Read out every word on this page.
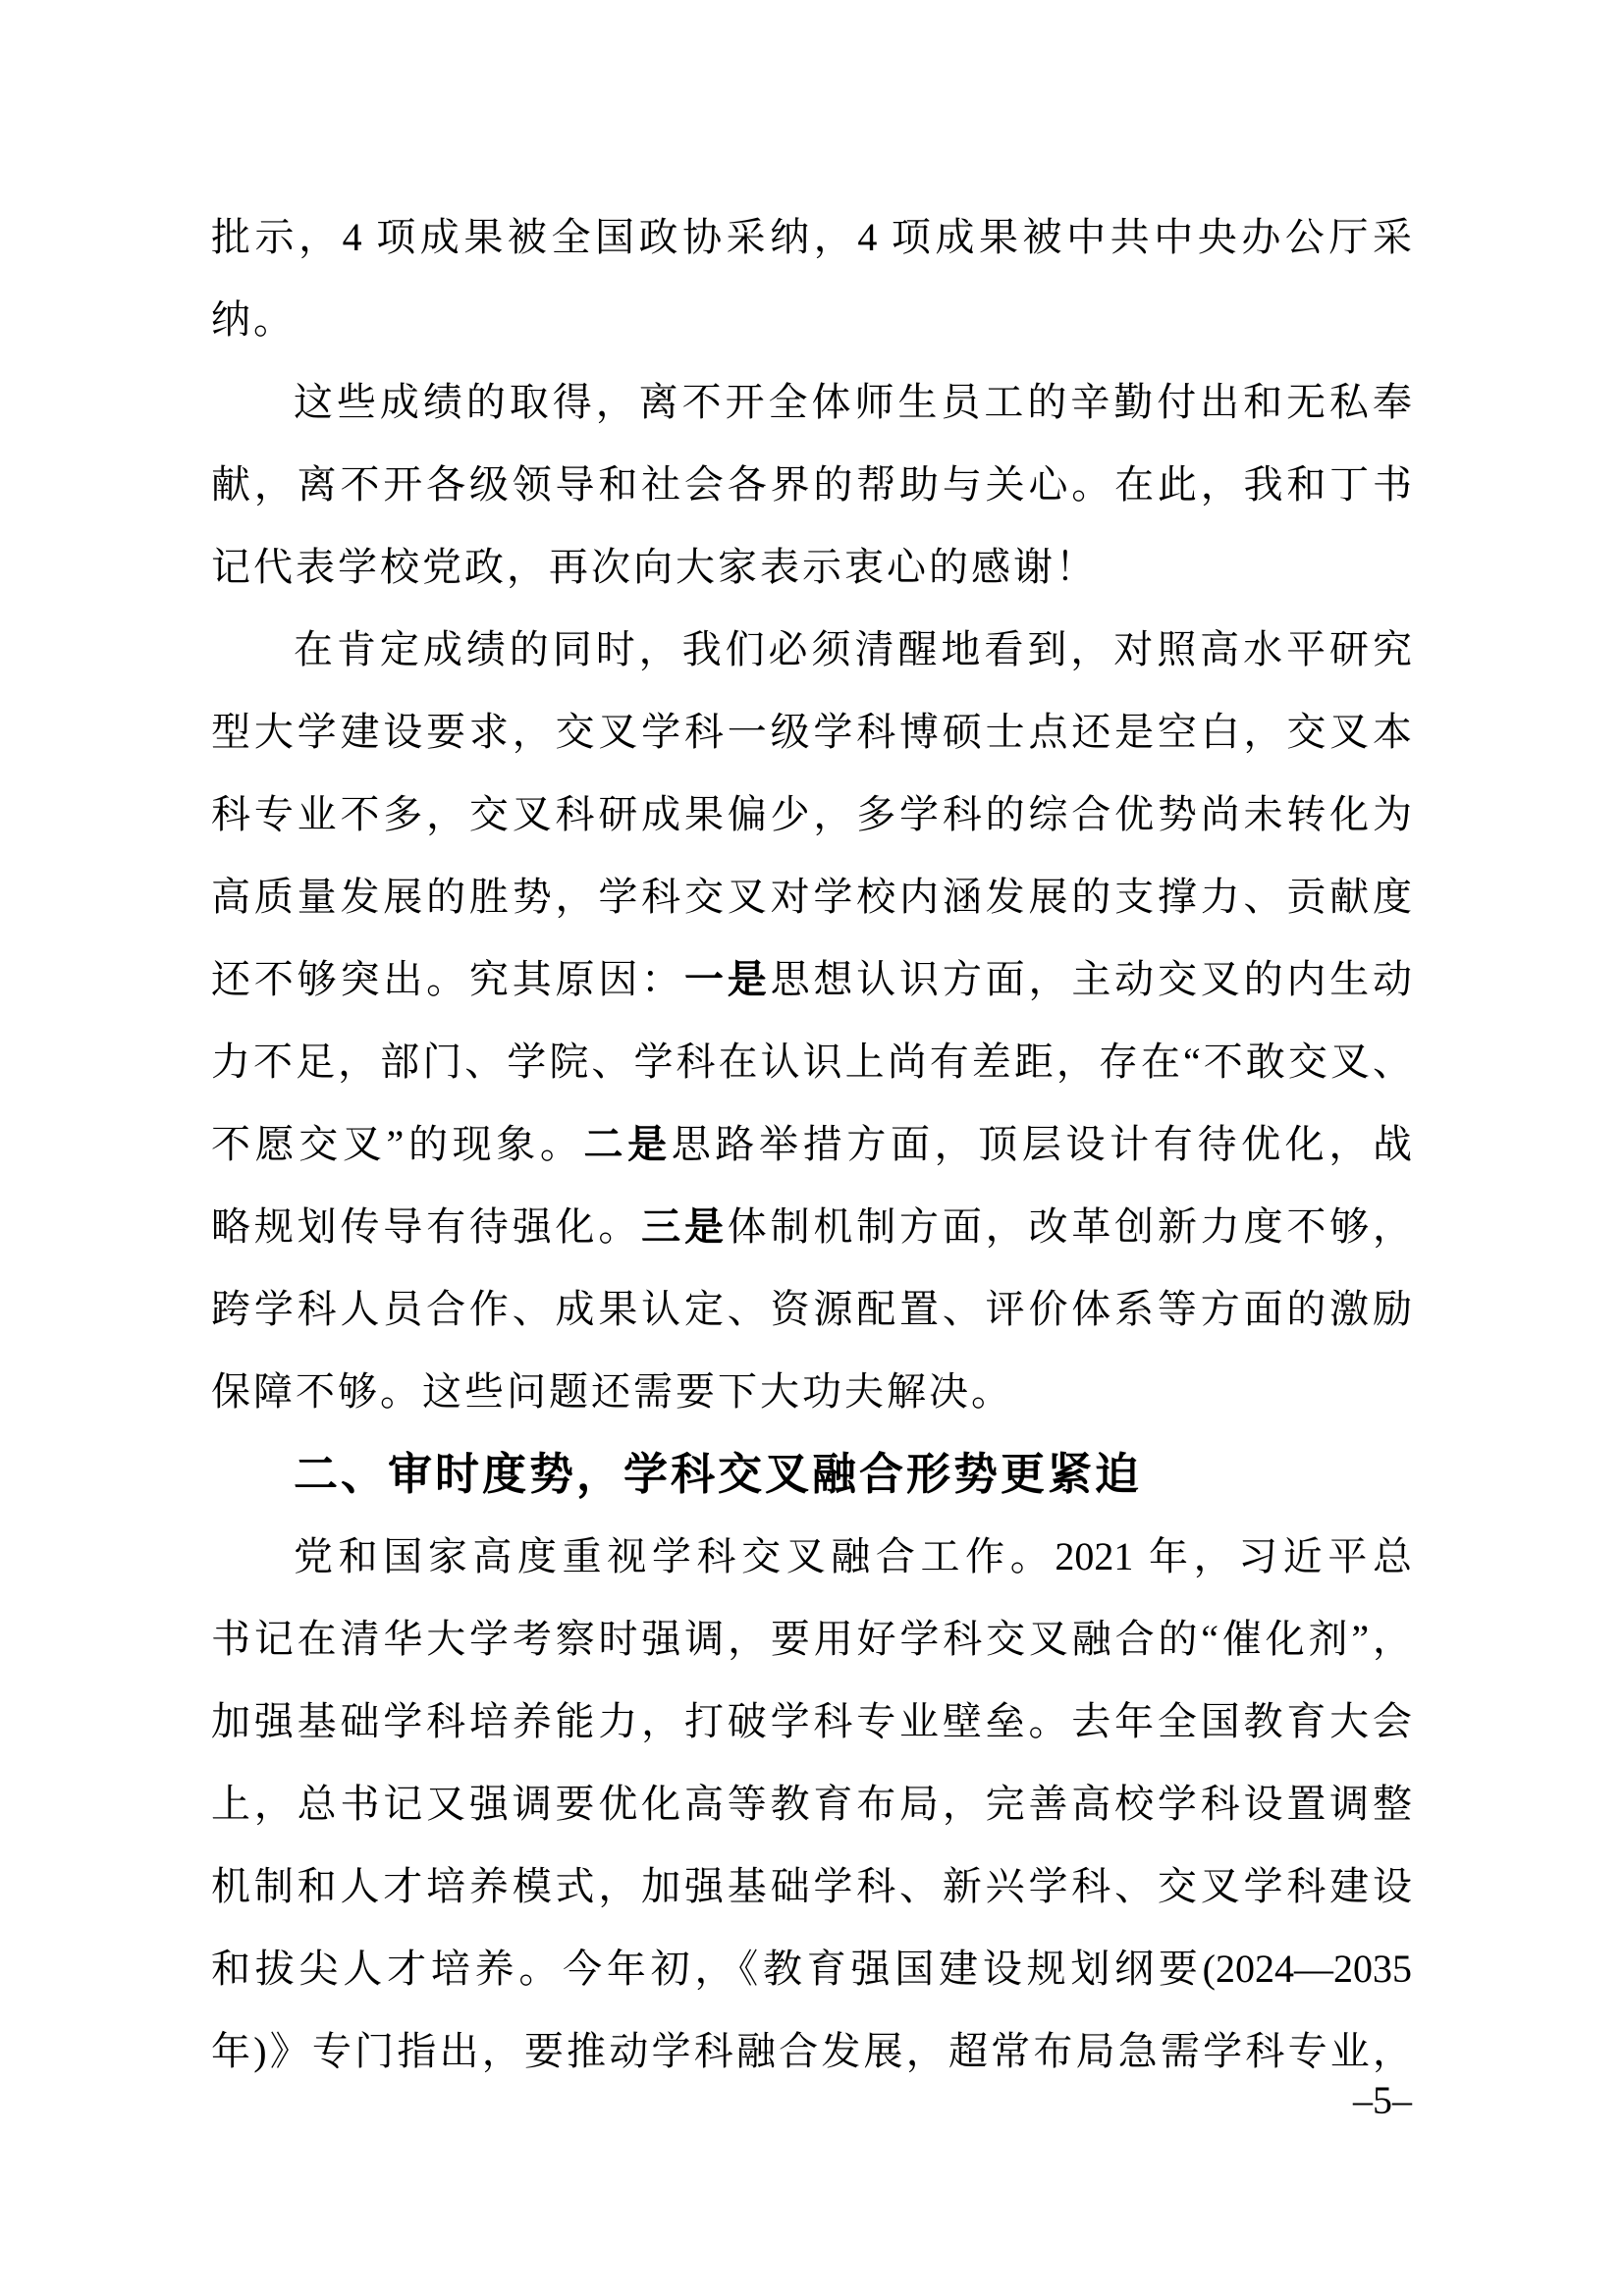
批示，4 项成果被全国政协采纳，4 项成果被中共中央办公厅采
纳。
这些成绩的取得，离不开全体师生员工的辛勤付出和无私奉
献，离不开各级领导和社会各界的帮助与关心。在此，我和丁书
记代表学校党政，再次向大家表示衷心的感谢！
在肯定成绩的同时，我们必须清醒地看到，对照高水平研究
型大学建设要求，交叉学科一级学科博硕士点还是空白，交叉本
科专业不多，交叉科研成果偏少，多学科的综合优势尚未转化为
高质量发展的胜势，学科交叉对学校内涵发展的支撑力、贡献度
还不够突出。究其原因：一是思想认识方面，主动交叉的内生动
力不足，部门、学院、学科在认识上尚有差距，存在“不敢交叉、
不愿交叉”的现象。二是思路举措方面，顶层设计有待优化，战
略规划传导有待强化。三是体制机制方面，改革创新力度不够，
跨学科人员合作、成果认定、资源配置、评价体系等方面的激励
保障不够。这些问题还需要下大功夫解决。
二、审时度势，学科交叉融合形势更紧迫
党和国家高度重视学科交叉融合工作。2021 年，习近平总
书记在清华大学考察时强调，要用好学科交叉融合的“催化剂”，
加强基础学科培养能力，打破学科专业壁垒。去年全国教育大会
上，总书记又强调要优化高等教育布局，完善高校学科设置调整
机制和人才培养模式，加强基础学科、新兴学科、交叉学科建设
和拔尖人才培养。今年初，《教育强国建设规划纲要(2024—2035
年)》专门指出，要推动学科融合发展，超常布局急需学科专业，
–5–
